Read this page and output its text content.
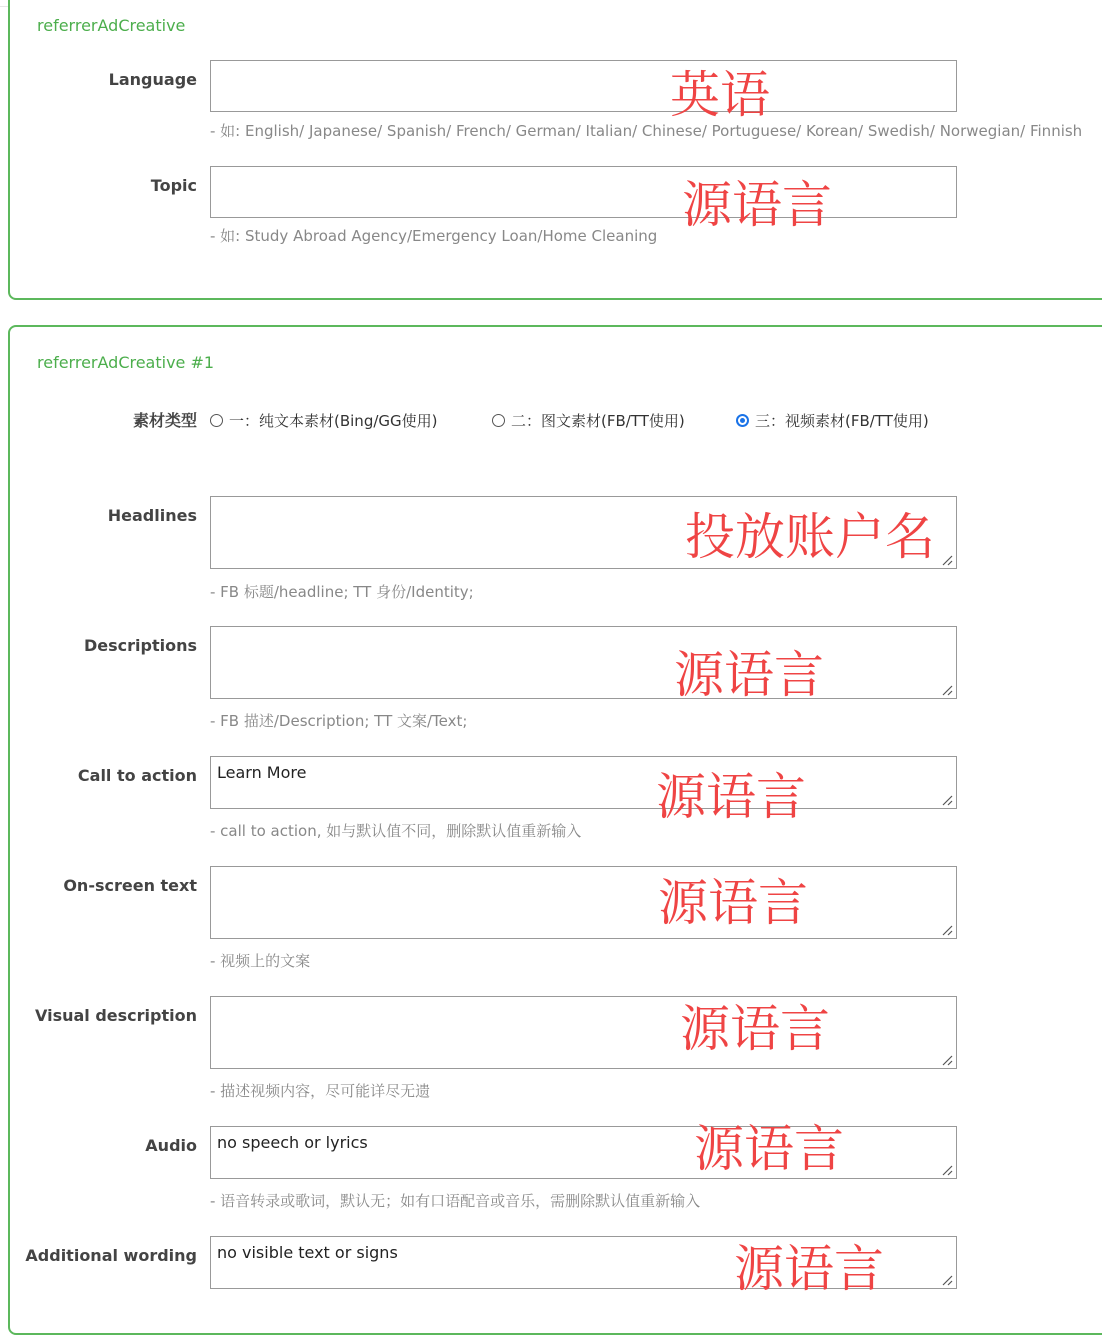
referrerAdCreative
Language
- 如: English/ Japanese/ Spanish/ French/ German/ Italian/ Chinese/ Portuguese/ Korean/ Swedish/ Norwegian/ Finnish
Topic
- 如: Study Abroad Agency/Emergency Loan/Home Cleaning
referrerAdCreative #1
素材类型 一：纯文本素材(Bing/GG使用)	二：图文素材(FB/TT使用)	三：视频素材(FB/TT使用)
Headlines
- FB 标题/headline; TT 身份/Identity;
Descriptions
- FB 描述/Description; TT 文案/Text;
Call to action
Learn More
- call to action, 如与默认值不同，删除默认值重新输入
On-screen text
- 视频上的文案
Visual description
- 描述视频内容，尽可能详尽无遗
Audio
no speech or lyrics
- 语音转录或歌词，默认无；如有口语配音或音乐，需删除默认值重新输入
Additional wording
no visible text or signs
英语
源语言
投放账户名
源语言
源语言
源语言
源语言
源语言
源语言
